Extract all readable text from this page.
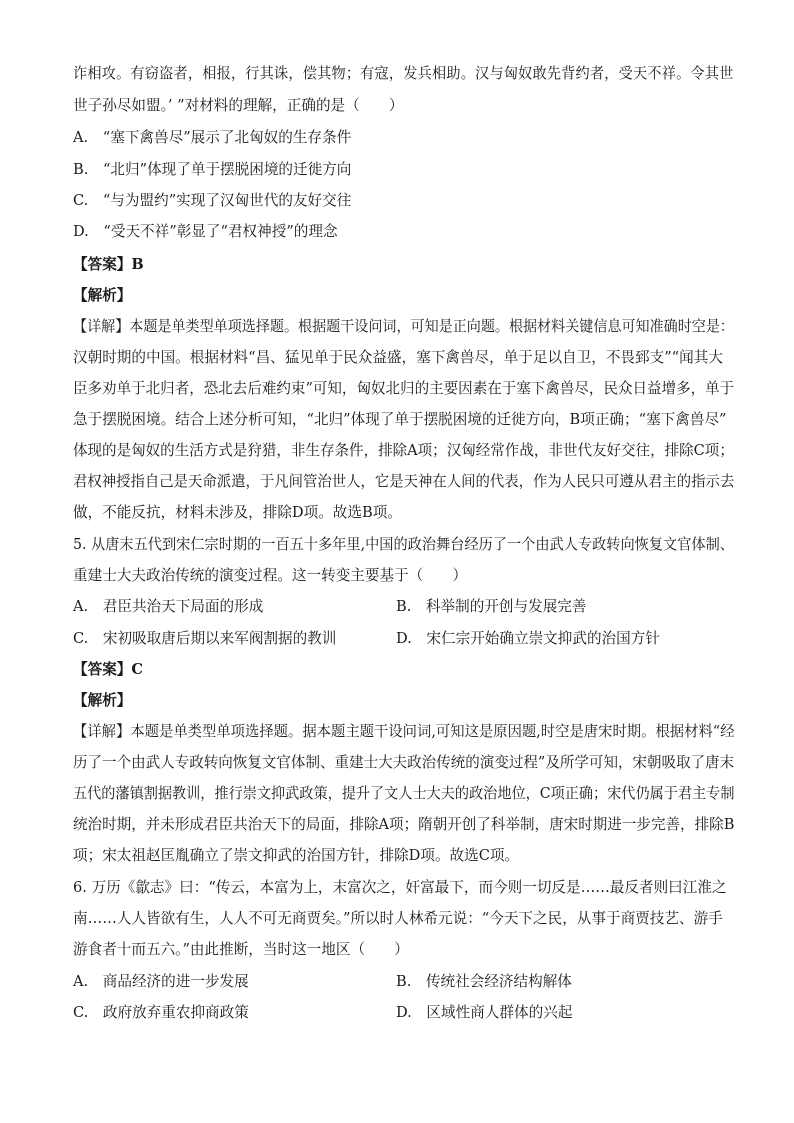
诈相攻。有窃盗者，相报，行其诛，偿其物；有寇，发兵相助。汉与匈奴敢先背约者，受天不祥。令其世
世子孙尽如盟。’ ”对材料的理解，正确的是（　　）
A.　“塞下禽兽尽”展示了北匈奴的生存条件
B.　“北归”体现了单于摆脱困境的迁徙方向
C.　“与为盟约”实现了汉匈世代的友好交往
D.　“受天不祥”彰显了“君权神授”的理念
【答案】B
【解析】
【详解】本题是单类型单项选择题。根据题干设问词，可知是正向题。根据材料关键信息可知准确时空是：
汉朝时期的中国。根据材料“昌、猛见单于民众益盛，塞下禽兽尽，单于足以自卫，不畏郅支”“闻其大
臣多劝单于北归者，恐北去后难约束”可知，匈奴北归的主要因素在于塞下禽兽尽，民众日益增多，单于
急于摆脱困境。结合上述分析可知，“北归”体现了单于摆脱困境的迁徙方向，B项正确；“塞下禽兽尽”
体现的是匈奴的生活方式是狩猎，非生存条件，排除A项；汉匈经常作战，非世代友好交往，排除C项；
君权神授指自己是天命派遣，于凡间管治世人，它是天神在人间的代表，作为人民只可遵从君主的指示去
做，不能反抗，材料未涉及，排除D项。故选B项。
5. 从唐末五代到宋仁宗时期的一百五十多年里,中国的政治舞台经历了一个由武人专政转向恢复文官体制、
重建士大夫政治传统的演变过程。这一转变主要基于（　　）
A.　君臣共治天下局面的形成	B.　科举制的开创与发展完善
C.　宋初吸取唐后期以来军阀割据的教训	D.　宋仁宗开始确立崇文抑武的治国方针
【答案】C
【解析】
【详解】本题是单类型单项选择题。据本题主题干设问词,可知这是原因题,时空是唐宋时期。根据材料“经
历了一个由武人专政转向恢复文官体制、重建士大夫政治传统的演变过程”及所学可知，宋朝吸取了唐末
五代的藩镇割据教训，推行崇文抑武政策，提升了文人士大夫的政治地位，C项正确；宋代仍属于君主专制
统治时期，并未形成君臣共治天下的局面，排除A项；隋朝开创了科举制，唐宋时期进一步完善，排除B
项；宋太祖赵匡胤确立了崇文抑武的治国方针，排除D项。故选C项。
6. 万历《歙志》曰：“传云，本富为上，末富次之，奸富最下，而今则一切反是……最反者则曰江淮之
南……人人皆欲有生，人人不可无商贾矣。”所以时人林希元说：“今天下之民，从事于商贾技艺、游手
游食者十而五六。”由此推断，当时这一地区（　　）
A.　商品经济的进一步发展	B.　传统社会经济结构解体
C.　政府放弃重农抑商政策	D.　区域性商人群体的兴起
